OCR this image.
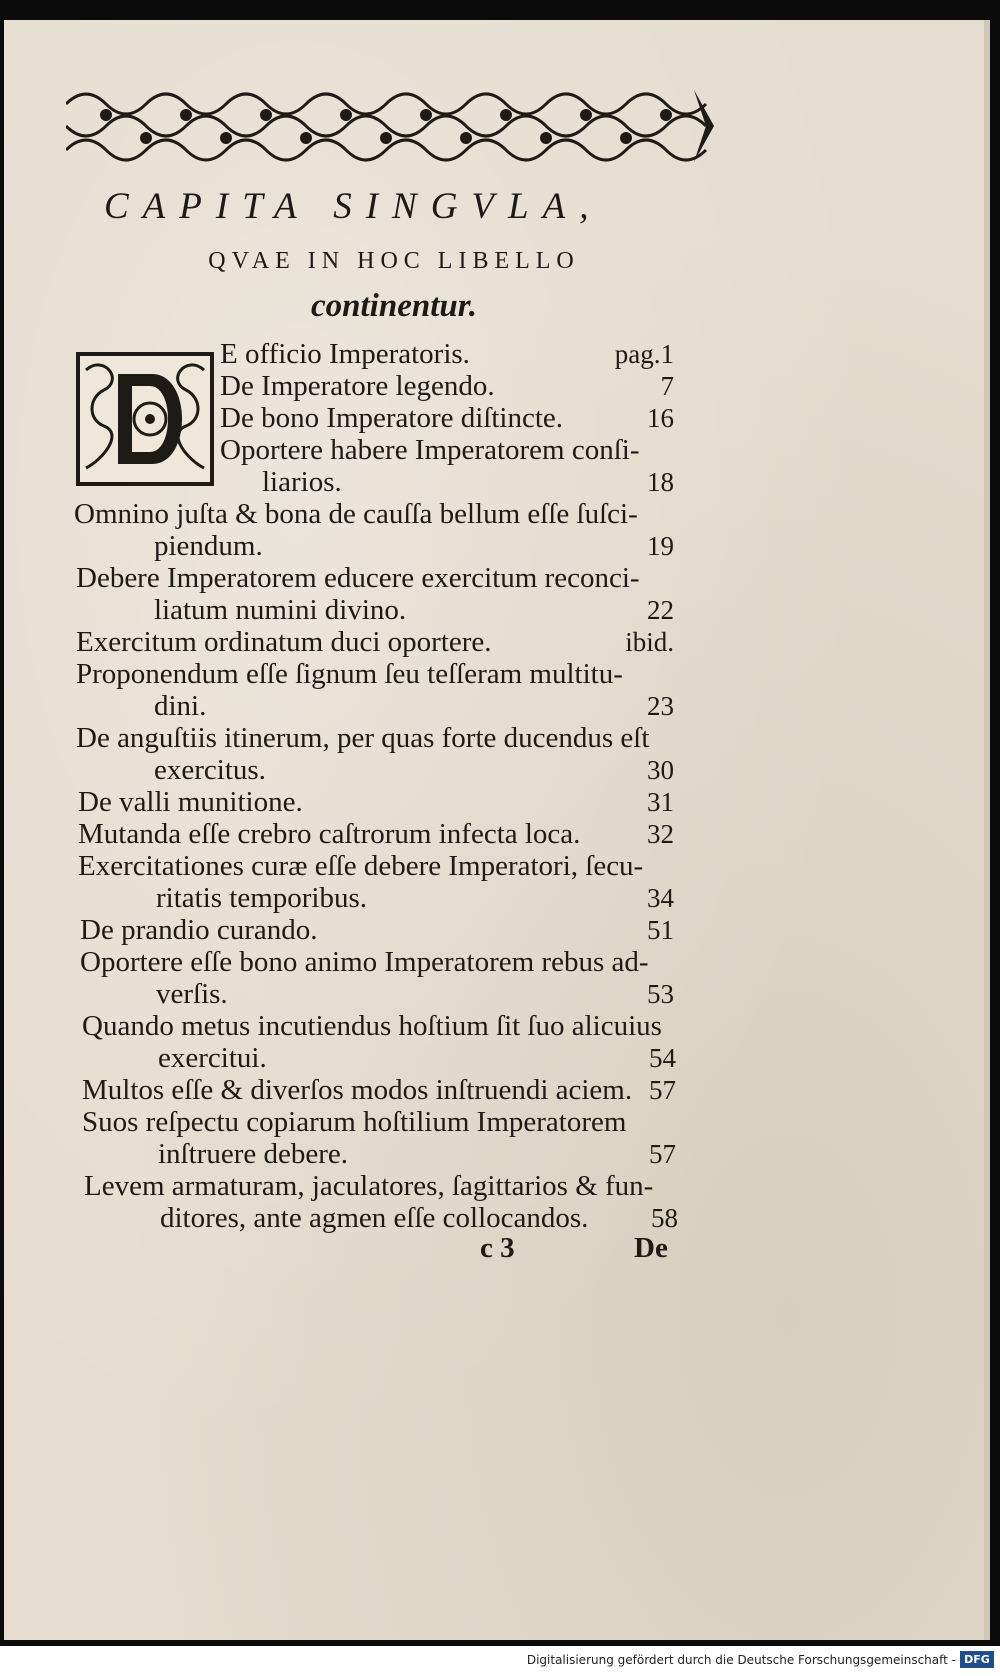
CAPITA SINGVLA,
QVAE IN HOC LIBELLO
continentur.
E officio Imperatoris.	pag.1
De Imperatore legendo.	7
De bono Imperatore diſtincte.	16
Oportere habere Imperatorem conſi-
liarios.	18
Omnino juſta & bona de cauſſa bellum eſſe ſuſci-
piendum.	19
Debere Imperatorem educere exercitum reconci-
liatum numini divino.	22
Exercitum ordinatum duci oportere.	ibid.
Proponendum eſſe ſignum ſeu teſſeram multitu-
dini.	23
De anguſtiis itinerum, per quas forte ducendus eſt
exercitus.	30
De valli munitione.	31
Mutanda eſſe crebro caſtrorum infecta loca.	32
Exercitationes curæ eſſe debere Imperatori, ſecu-
ritatis temporibus.	34
De prandio curando.	51
Oportere eſſe bono animo Imperatorem rebus ad-
verſis.	53
Quando metus incutiendus hoſtium ſit ſuo alicuius
exercitui.	54
Multos eſſe & diverſos modos inſtruendi aciem. 57
Suos reſpectu copiarum hoſtilium Imperatorem
inſtruere debere.	57
Levem armaturam, jaculatores, ſagittarios & fun-
ditores, ante agmen eſſe collocandos.	58
c 3	De
Digitalisierung gefördert durch die Deutsche Forschungsgemeinschaft - DFG
